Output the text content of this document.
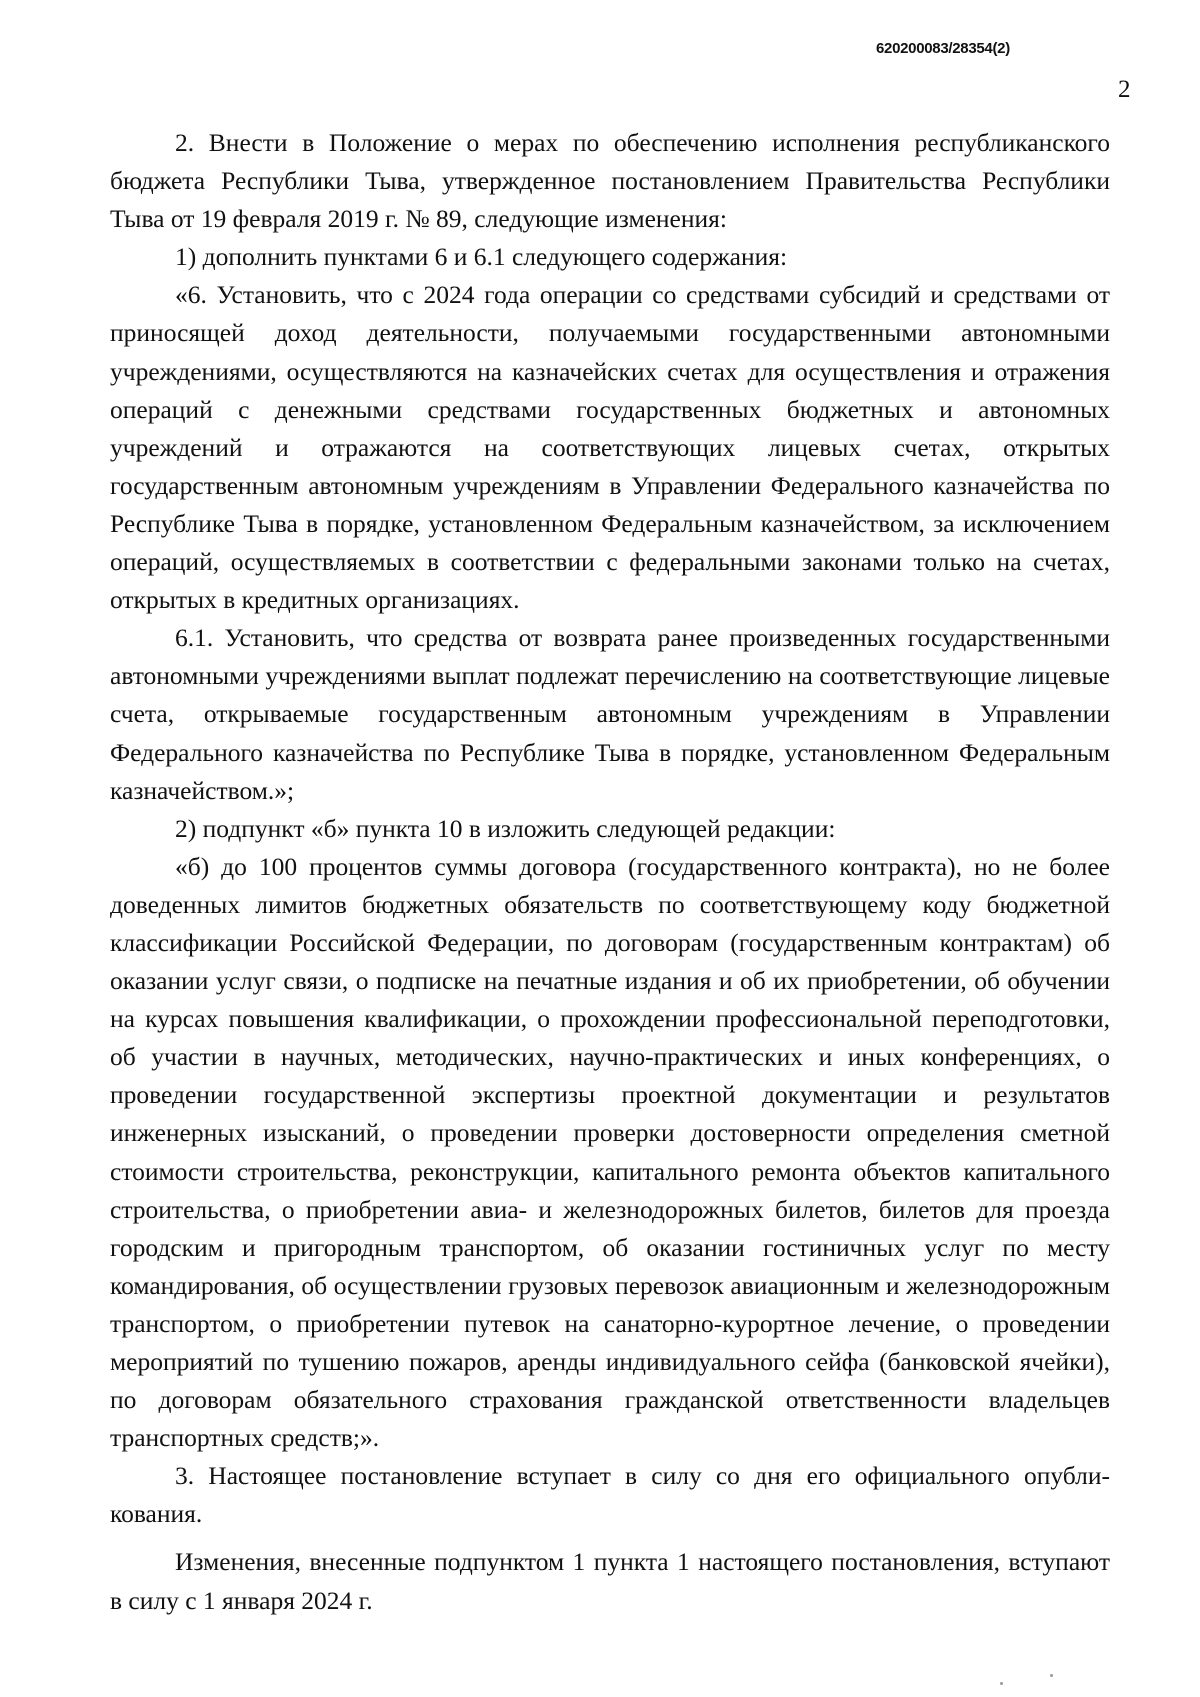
620200083/28354(2)
2

2. Внести в Положение о мерах по обеспечению исполнения республиканского бюджета Республики Тыва, утвержденное постановлением Правительства Республики Тыва от 19 февраля 2019 г. № 89, следующие изменения:

1) дополнить пунктами 6 и 6.1 следующего содержания:

«6. Установить, что с 2024 года операции со средствами субсидий и средствами от приносящей доход деятельности, получаемыми государственными автономными учреждениями, осуществляются на казначейских счетах для осуществления и отражения операций с денежными средствами государственных бюджетных и автономных учреждений и отражаются на соответствующих лицевых счетах, открытых государственным автономным учреждениям в Управлении Федерального казначейства по Республике Тыва в порядке, установленном Федеральным казначейством, за исключением операций, осуществляемых в соответствии с федеральными законами только на счетах, открытых в кредитных организациях.

6.1. Установить, что средства от возврата ранее произведенных государственными автономными учреждениями выплат подлежат перечислению на соответствующие лицевые счета, открываемые государственным автономным учреждениям в Управлении Федерального казначейства по Республике Тыва в порядке, установленном Федеральным казначейством.»;

2) подпункт «б» пункта 10 в изложить следующей редакции:

«б) до 100 процентов суммы договора (государственного контракта), но не более доведенных лимитов бюджетных обязательств по соответствующему коду бюджетной классификации Российской Федерации, по договорам (государственным контрактам) об оказании услуг связи, о подписке на печатные издания и об их приобретении, об обучении на курсах повышения квалификации, о прохождении профессиональной переподготовки, об участии в научных, методических, научно-практических и иных конференциях, о проведении государственной экспертизы проектной документации и результатов инженерных изысканий, о проведении проверки достоверности определения сметной стоимости строительства, реконструкции, капитального ремонта объектов капитального строительства, о приобретении авиа- и железнодорожных билетов, билетов для проезда городским и пригородным транспортом, об оказании гостиничных услуг по месту командирования, об осуществлении грузовых перевозок авиационным и железнодорожным транспортом, о приобретении путевок на санаторно-курортное лечение, о проведении мероприятий по тушению пожаров, аренды индивидуального сейфа (банковской ячейки), по договорам обязательного страхования гражданской ответственности владельцев транспортных средств;».

3. Настоящее постановление вступает в силу со дня его официального опубликования.

Изменения, внесенные подпунктом 1 пункта 1 настоящего постановления, вступают в силу с 1 января 2024 г.
